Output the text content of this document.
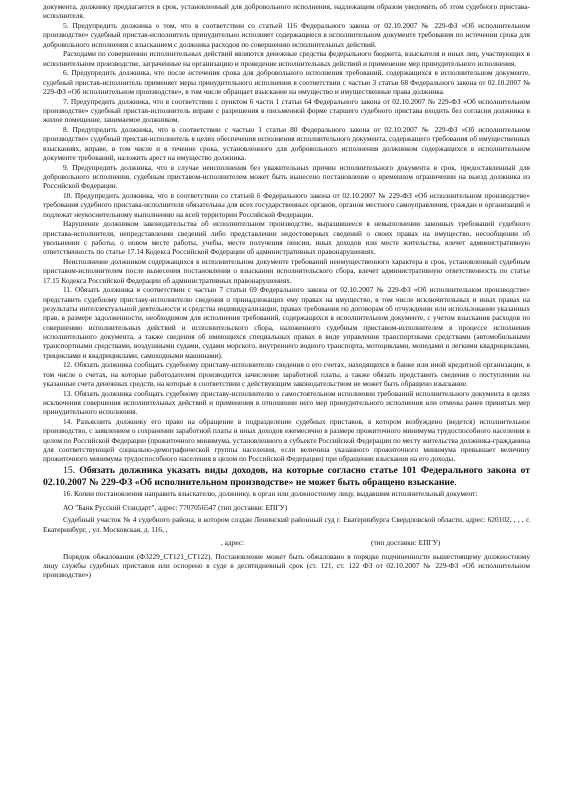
документа, должнику предлагается в срок, установленный для добровольного исполнения, надлежащим образом уведомить об этом судебного пристава-исполнителя.

5. Предупредить должника о том, что в соответствии со статьей 116 Федерального закона от 02.10.2007 № 229-ФЗ «Об исполнительном производстве» судебный пристав-исполнитель принудительно исполняет содержащиеся в исполнительном документе требования по истечении срока для добровольного исполнения с взысканием с должника расходов по совершению исполнительных действий.

Расходами по совершению исполнительных действий являются денежные средства федерального бюджета, взыскателя и иных лиц, участвующих в исполнительном производстве, затраченные на организацию и проведение исполнительных действий и применение мер принудительного исполнения.

6. Предупредить должника, что после истечения срока для добровольного исполнения требований, содержащихся в исполнительном документе, судебный пристав-исполнитель применяет меры принудительного исполнения в соответствии с частью 3 статьи 68 Федерального закона от 02.10.2007 № 229-ФЗ «Об исполнительном производстве», в том числе обращает взыскание на имущество и имущественные права должника.

7. Предупредить должника, что в соответствии с пунктом 6 части 1 статьи 64 Федерального закона от 02.10.2007 № 229-ФЗ «Об исполнительном производстве» судебный пристав-исполнитель вправе с разрешения в письменной форме старшего судебного пристава входить без согласия должника в жилое помещение, занимаемое должником.

8. Предупредить должника, что в соответствии с частью 1 статьи 80 Федерального закона от 02.10.2007 № 229-ФЗ «Об исполнительном производстве» судебный пристав-исполнитель в целях обеспечения исполнения исполнительного документа, содержащего требования об имущественных взысканиях, вправе, в том числе и в течение срока, установленного для добровольного исполнения должником содержащихся в исполнительном документе требований, наложить арест на имущество должника.

9. Предупредить должника, что в случае неисполнения без уважительных причин исполнительного документа в срок, предоставленный для добровольного исполнения, судебным приставом-исполнителем может быть вынесено постановление о временном ограничении на выезд должника из Российской Федерации.

10. Предупредить должника, что в соответствии со статьей 6 Федерального закона от 02.10.2007 № 229-ФЗ «Об исполнительном производстве» требования судебного пристава-исполнителя обязательны для всех государственных органов, органов местного самоуправления, граждан и организаций и подлежат неукоснительному выполнению на всей территории Российской Федерации.

Нарушение должником законодательства об исполнительном производстве, выразившееся в невыполнении законных требований судебного пристава-исполнителя, непредставлении сведений либо представлении недостоверных сведений о своих правах на имущество, несообщении об увольнении с работы, о новом месте работы, учебы, месте получения пенсии, иных доходов или месте жительства, влечет административную ответственность по статье 17.14 Кодекса Российской Федерации об административных правонарушениях.

Неисполнение должником содержащихся в исполнительном документе требований неимущественного характера в срок, установленный судебным приставом-исполнителем после вынесения постановления о взыскании исполнительского сбора, влечет административную ответственность по статье 17.15 Кодекса Российской Федерации об административных правонарушениях.

11. Обязать должника в соответствии с частью 7 статьи 69 Федерального закона от 02.10.2007 № 229-ФЗ «Об исполнительном производстве» представить судебному приставу-исполнителю сведения о принадлежащих ему правах на имущество, в том числе исключительных и иных правах на результаты интеллектуальной деятельности и средства индивидуализации, правах требования по договорам об отчуждении или использовании указанных прав, в размере задолженности, необходимом для исполнения требований, содержащихся в исполнительном документе, с учетом взыскания расходов по совершению исполнительных действий и исполнительского сбора, наложенного судебным приставом-исполнителем в процессе исполнения исполнительного документа, а также сведения об имеющихся специальных правах в виде управления транспортными средствами (автомобильными транспортными средствами, воздушными судами, судами морского, внутреннего водного транспорта, мотоциклами, мопедами и легкими квадрициклами, трициклами и квадрициклами, самоходными машинами).

12. Обязать должника сообщать судебному приставу-исполнителю сведения о его счетах, находящихся в банке или иной кредитной организации, в том числе о счетах, на которые работодателем производится зачисление заработной платы, а также обязать представить сведения о поступлении на указанные счета денежных средств, на которые в соответствии с действующим законодательством не может быть обращено взыскание.

13. Обязать должника сообщать судебному приставу-исполнителю о самостоятельном исполнении требований исполнительного документа в целях исключения совершения исполнительных действий и применения в отношении него мер принудительного исполнения или отмены ранее принятых мер принудительного исполнения.

14. Разъяснить должнику его право на обращение в подразделение судебных приставов, в котором возбуждено (ведется) исполнительное производство, с заявлением о сохранении заработной платы и иных доходов ежемесячно в размере прожиточного минимума трудоспособного населения в целом по Российской Федерации (прожиточного минимума, установленного в субъекте Российской Федерации по месту жительства должника-гражданина для соответствующей социально-демографической группы населения, если величина указанного прожиточного минимума превышает величину прожиточного минимума трудоспособного населения в целом по Российской Федерации) при обращении взыскания на его доходы.

15. Обязать должника указать виды доходов, на которые согласно статье 101 Федерального закона от 02.10.2007 № 229-ФЗ «Об исполнительном производстве» не может быть обращено взыскание.

16. Копии постановления направить взыскателю, должнику, в орган или должностному лицу, выдавшим исполнительный документ:

АО "Банк Русский Стандарт", адрес: 7707056547 (тип доставки: ЕПГУ)

Судебный участок № 4 судебного района, в котором создан Ленинский районный суд г. Екатеринбурга Свердловской области, адрес: 620102, , , , г. Екатеринбург, , ул. Московская, д. 116, ,

, адрес:	(тип доставки: ЕПГУ)

Порядок обжалования (Ф3229_СТ121_СТ122), Постановление может быть обжаловано в порядке подчиненности вышестоящему должностному лицу службы судебных приставов или оспорено в суде в десятидневный срок (ст. 121, ст. 122 ФЗ от 02.10.2007 № 229-ФЗ «Об исполнительном производстве»)
